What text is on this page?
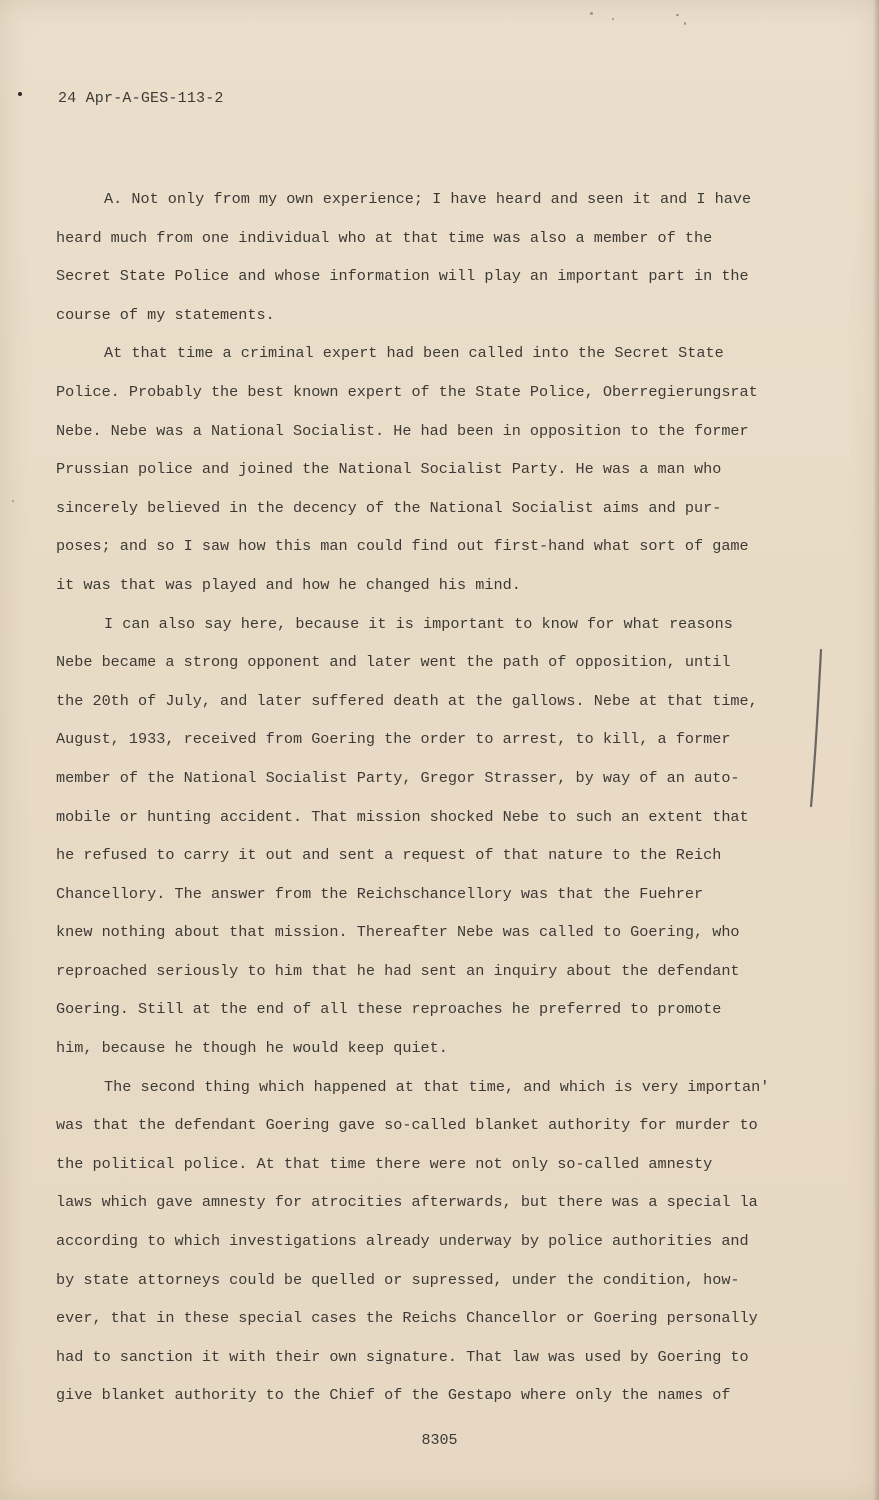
24 Apr-A-GES-113-2
A. Not only from my own experience; I have heard and seen it and I have
heard much from one individual who at that time was also a member of the
Secret State Police and whose information will play an important part in the
course of my statements.
At that time a criminal expert had been called into the Secret State
Police. Probably the best known expert of the State Police, Oberregierungsrat
Nebe. Nebe was a National Socialist. He had been in opposition to the former
Prussian police and joined the National Socialist Party. He was a man who
sincerely believed in the decency of the National Socialist aims and pur-
poses; and so I saw how this man could find out first-hand what sort of game
it was that was played and how he changed his mind.
I can also say here, because it is important to know for what reasons
Nebe became a strong opponent and later went the path of opposition, until
the 20th of July, and later suffered death at the gallows. Nebe at that time,
August, 1933, received from Goering the order to arrest, to kill, a former
member of the National Socialist Party, Gregor Strasser, by way of an auto-
mobile or hunting accident. That mission shocked Nebe to such an extent that
he refused to carry it out and sent a request of that nature to the Reich
Chancellory. The answer from the Reichschancellory was that the Fuehrer
knew nothing about that mission. Thereafter Nebe was called to Goering, who
reproached seriously to him that he had sent an inquiry about the defendant
Goering. Still at the end of all these reproaches he preferred to promote
him, because he though he would keep quiet.
The second thing which happened at that time, and which is very importan'
was that the defendant Goering gave so-called blanket authority for murder to
the political police. At that time there were not only so-called amnesty
laws which gave amnesty for atrocities afterwards, but there was a special la
according to which investigations already underway by police authorities and
by state attorneys could be quelled or supressed, under the condition, how-
ever, that in these special cases the Reichs Chancellor or Goering personally
had to sanction it with their own signature. That law was used by Goering to
give blanket authority to the Chief of the Gestapo where only the names of
8305
